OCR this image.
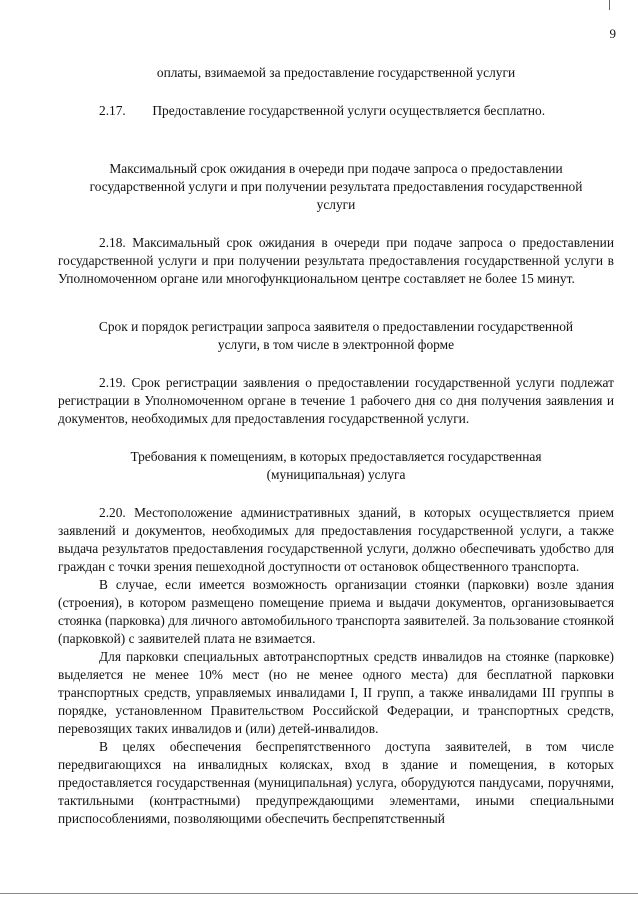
9

оплаты, взимаемой за предоставление государственной услуги

2.17. Предоставление государственной услуги осуществляется бесплатно.

Максимальный срок ожидания в очереди при подаче запроса о предоставлении государственной услуги и при получении результата предоставления государственной услуги

2.18. Максимальный срок ожидания в очереди при подаче запроса о предоставлении государственной услуги и при получении результата предоставления государственной услуги в Уполномоченном органе или многофункциональном центре составляет не более 15 минут.

Срок и порядок регистрации запроса заявителя о предоставлении государственной услуги, в том числе в электронной форме

2.19. Срок регистрации заявления о предоставлении государственной услуги подлежат регистрации в Уполномоченном органе в течение 1 рабочего дня со дня получения заявления и документов, необходимых для предоставления государственной услуги.

Требования к помещениям, в которых предоставляется государственная (муниципальная) услуга

2.20. Местоположение административных зданий, в которых осуществляется прием заявлений и документов, необходимых для предоставления государственной услуги, а также выдача результатов предоставления государственной услуги, должно обеспечивать удобство для граждан с точки зрения пешеходной доступности от остановок общественного транспорта.

В случае, если имеется возможность организации стоянки (парковки) возле здания (строения), в котором размещено помещение приема и выдачи документов, организовывается стоянка (парковка) для личного автомобильного транспорта заявителей. За пользование стоянкой (парковкой) с заявителей плата не взимается.

Для парковки специальных автотранспортных средств инвалидов на стоянке (парковке) выделяется не менее 10% мест (но не менее одного места) для бесплатной парковки транспортных средств, управляемых инвалидами I, II групп, а также инвалидами III группы в порядке, установленном Правительством Российской Федерации, и транспортных средств, перевозящих таких инвалидов и (или) детей-инвалидов.

В целях обеспечения беспрепятственного доступа заявителей, в том числе передвигающихся на инвалидных колясках, вход в здание и помещения, в которых предоставляется государственная (муниципальная) услуга, оборудуются пандусами, поручнями, тактильными (контрастными) предупреждающими элементами, иными специальными приспособлениями, позволяющими обеспечить беспрепятственный
